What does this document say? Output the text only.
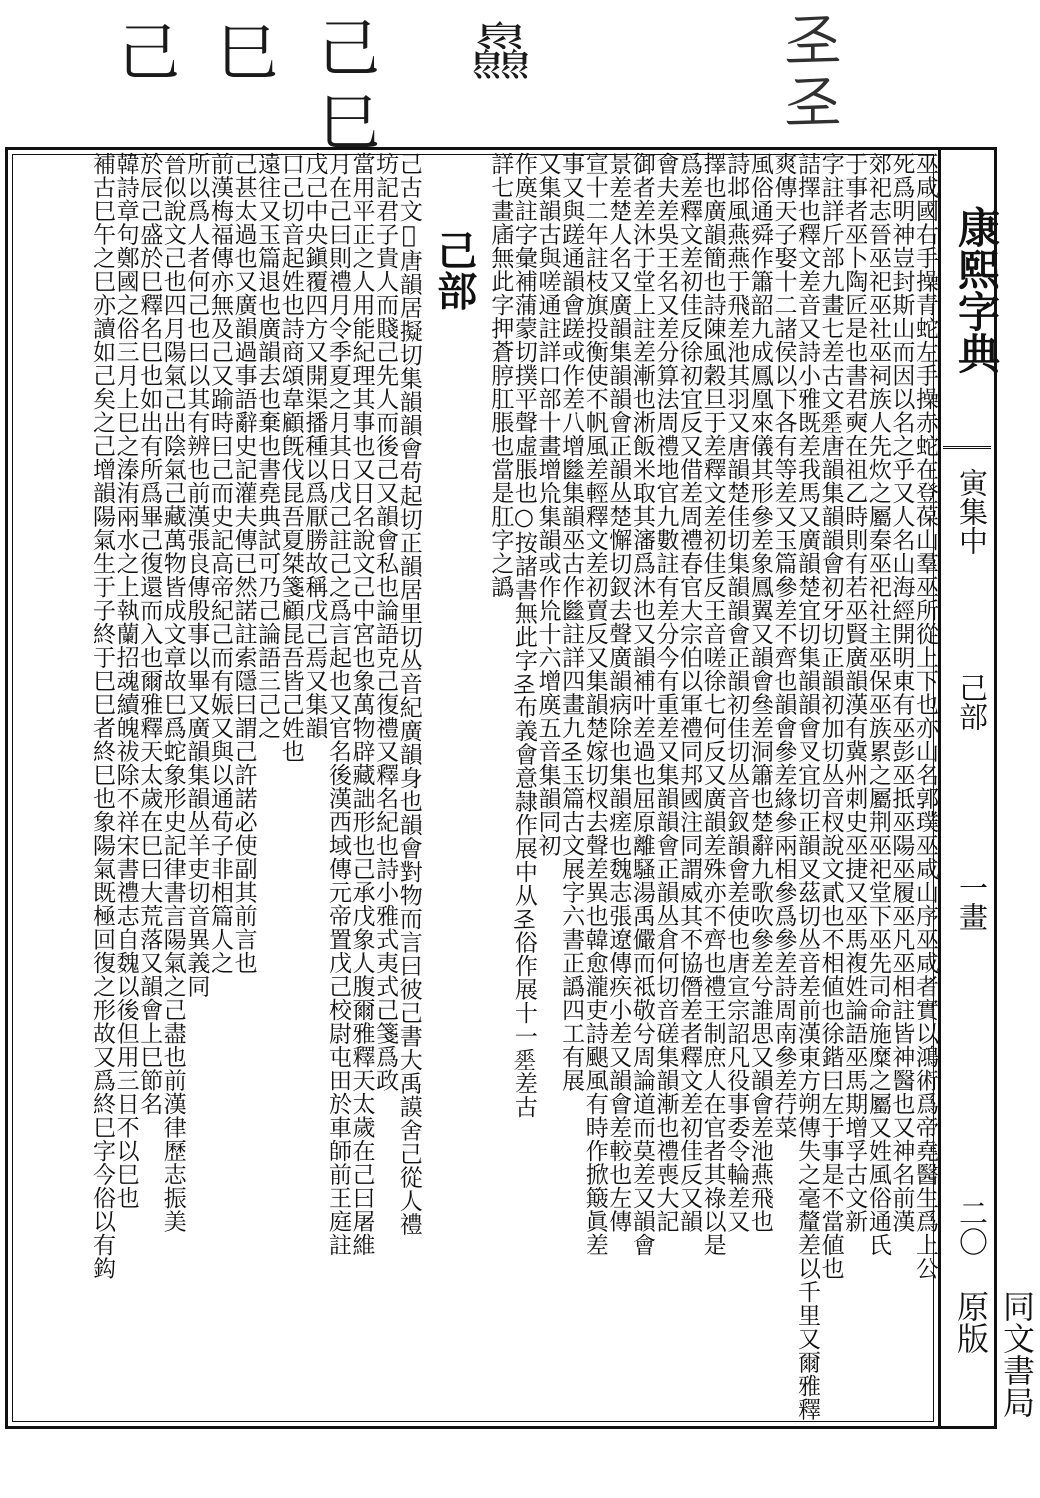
𢀖
𢀖
𢀎
己
巳
巳
己
巫咸國右手操青蛇左手操赤蛇在登葆山羣巫所從上下也亦山名郭璞巫咸山序巫咸者實以鴻術爲帝堯醫生爲上公
死爲明神豈封斯山而因以名之乎又人名山海經開明東有巫彭巫抵巫陽巫履巫凡巫相註皆神醫也又神名前漢
郊祀志晉巫祀巫社巫祠族人先炊之屬秦巫祀社主巫保巫族累之屬荆巫祀堂下巫先司命施糜之屬又姓風俗通氏
于事者巫卜陶匠是也書君奭在祖乙時則有若巫賢廣韻漢有冀州刺史巫捷又巫馬複姓論語巫馬期增孚古文新
字註詳斤部九畫七差古文𢀩唐韻集韻韻會初牙切正韻初加切丛音杈說文貳也不相値也徐鍇曰左于事是不當値也
詰擇也釋文差音又詩小雅既差我馬又廣韻楚宜切集韻韻會叉宜切正韻叉茲切丛音差前漢東方朔傳失之毫釐差以千里又爾雅釋
爽傳天子娶十二諸侯以下各有等差又玉篇參差不齊也韻會參差緣參兩相參爲參差詩周南參差荇菜
風俗通舜作簫韶九成鳳凰來儀其形參差象鳳翼又韻會叄差洞簫也楚辭九歌吹參差兮誰思又韻會差池燕飛也
詩邶風燕燕于飛差池其羽又唐韻楚佳切集韻韻會正韻初佳切丛音釵韻會差使也唐宣宗詔凡役事委令輪差又
擇也廣韻簡也詩陳風穀旦于差釋文差初佳反王音嗟徐七何反又廣韻差殊亦不齊也禮王制庶人在官者其祿以是
爲差釋文差初佳反徐初宜反又借差周禮春官大宗伯以軍禮同邦國注同謂威其不協僭差者釋文差初佳反又韻
會夫差吳王名又差分算法周禮地官九數註有差分今有重差又集韻韻會正韻丛倉何切音磋集韻漸也禮喪大記
御者差沐于堂上註差漸也淅飯米取其瀋爲沐也又韻補叶差過也屈原離騷湯禹儼而祗敬兮周論道而莫差又韻會
景差楚人名又廣韻集韻韻會正韻丛楚懈切釵去聲廣韻病除也集韻瘥也魏志張遼傳疾小差又韻會差較也左傳
宣十二年註枝旗投衡使不帆風差輕釋文差初賣反又集韻楚嫁切杈去聲差異也韓愈瀧吏詩颶風有時作掀簸眞差
事又與蹉通韻會蹉或作差八增㡭集韻巫古作㡭註詳四畫九𢀖玉篇古文展字六書正譌四工有展
又集韻古與嗟通註詳口部十畫增㠩集韻或作㠩十六增㢍五音集韻同初
作㢍註字彙補蒲蒙切撲平聲虛脹也○按諸書無此字𢀖布義會意隷作展中从𢀖俗作展十一𢀩差古
詳七畫㢎無此字押蒼脝肛脹也當是肛字之譌
己部
己古文𢀳唐韻居擬切集韻韻會苟起切正韻居里切丛音紀廣韻身也韻會對物而言曰彼己書大禹謨舍己從人禮
坊記君子貴人而賤己先人而後己又韻會私也論語克己復禮又釋名紀也詩小雅式夷式己箋爲政
當用平正之人用能紀理其事也又日名說文己中宮也象萬物辟藏詘形也己承戊象人腹爾雅釋天太歲在己曰屠維
月在己曰則禮月令季夏之月其日戊己註己之爲言起也又官名後漢西域傳元帝置戊己校尉屯田於車師前王庭註
戊己中央鎭覆四方又開渠播種以爲厭勝故稱戊己焉又集韻
口己切音起姓也詩商頌韋顧旣伐昆吾夏桀箋顧昆吾皆己姓也
遠往又玉篇退也廣韻去也棄也書堯典試可乃己論語三己之
己甚太過也又廣韻過事語辭史記灌夫傳已然諾註索隱曰謂己許諾必使副其前言也
前漢梅福傳亦無及己又踰時曰己而史記高帝紀己而有娠又與以通荀子非相篇人之
所以爲人者何己也曰以其有辨也前漢張良傳殷事以畢又廣韻集韻丛羊吏切音異義同
晉似說文己也四月陽氣己出陰氣己藏萬物皆成文章故巳爲蛇象形史記律書言陽氣之己盡也前漢律歷志振美
於辰己盛於巳釋名巳也如出有所爲畢己復還而入也爾雅釋天太歲在巳曰大荒落又韻會上巳節名
韓詩章句鄭國之俗三月上巳之溱洧兩水之上執蘭招魂續魄祓除不祥宋書禮志自魏以後但用三日不以巳也
補古巳午之巳亦讀如己矣之己增韻陽氣生于子終于巳巳者終巳也象陽氣既極回復之形故又爲終巳字今俗以有鈎	康熙字典
寅集中
己部
一畫
二〇
同文書局原版
